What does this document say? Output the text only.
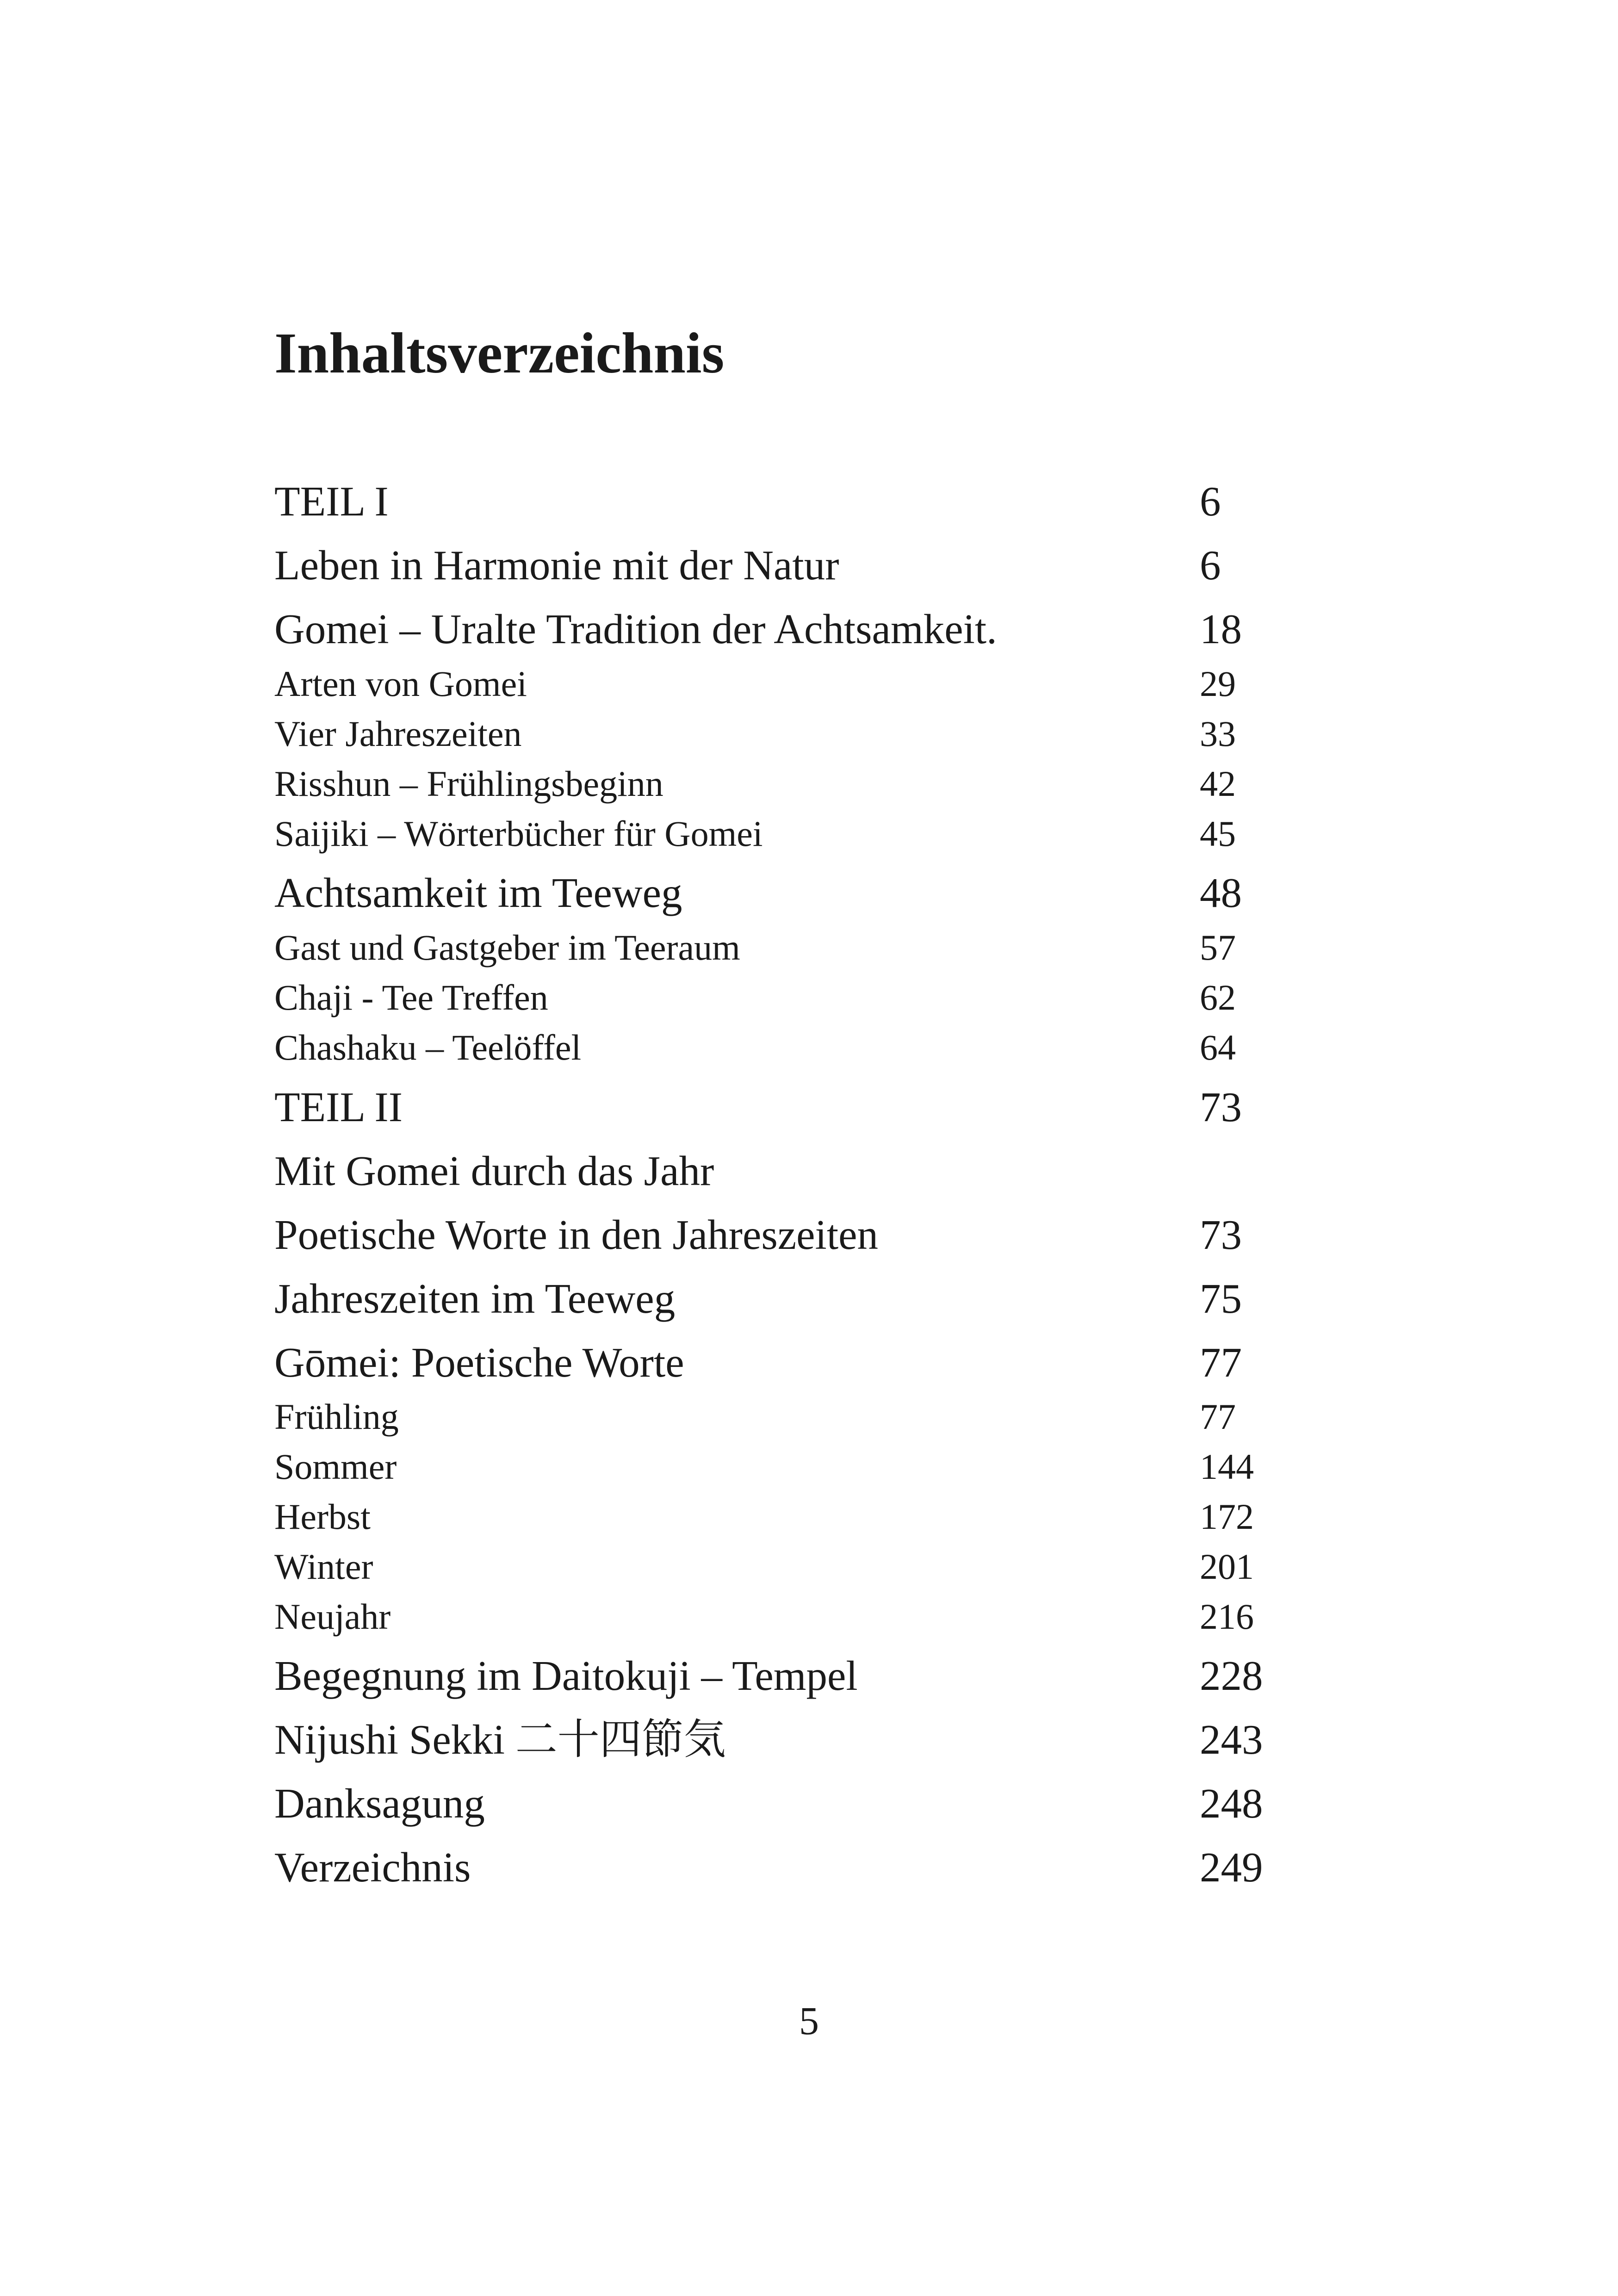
Inhaltsverzeichnis
TEIL I	6
Leben in Harmonie mit der Natur	6
Gomei – Uralte Tradition der Achtsamkeit.	18
Arten von Gomei	29
Vier Jahreszeiten	33
Risshun – Frühlingsbeginn	42
Saijiki – Wörterbücher für Gomei	45
Achtsamkeit im Teeweg	48
Gast und Gastgeber im Teeraum	57
Chaji - Tee Treffen	62
Chashaku – Teelöffel	64
TEIL II	73
Mit Gomei durch das Jahr
Poetische Worte in den Jahreszeiten	73
Jahreszeiten im Teeweg	75
Gōmei: Poetische Worte	77
Frühling	77
Sommer	144
Herbst	172
Winter	201
Neujahr	216
Begegnung im Daitokuji – Tempel	228
Nijushi Sekki 二十四節気	243
Danksagung	248
Verzeichnis	249
5
